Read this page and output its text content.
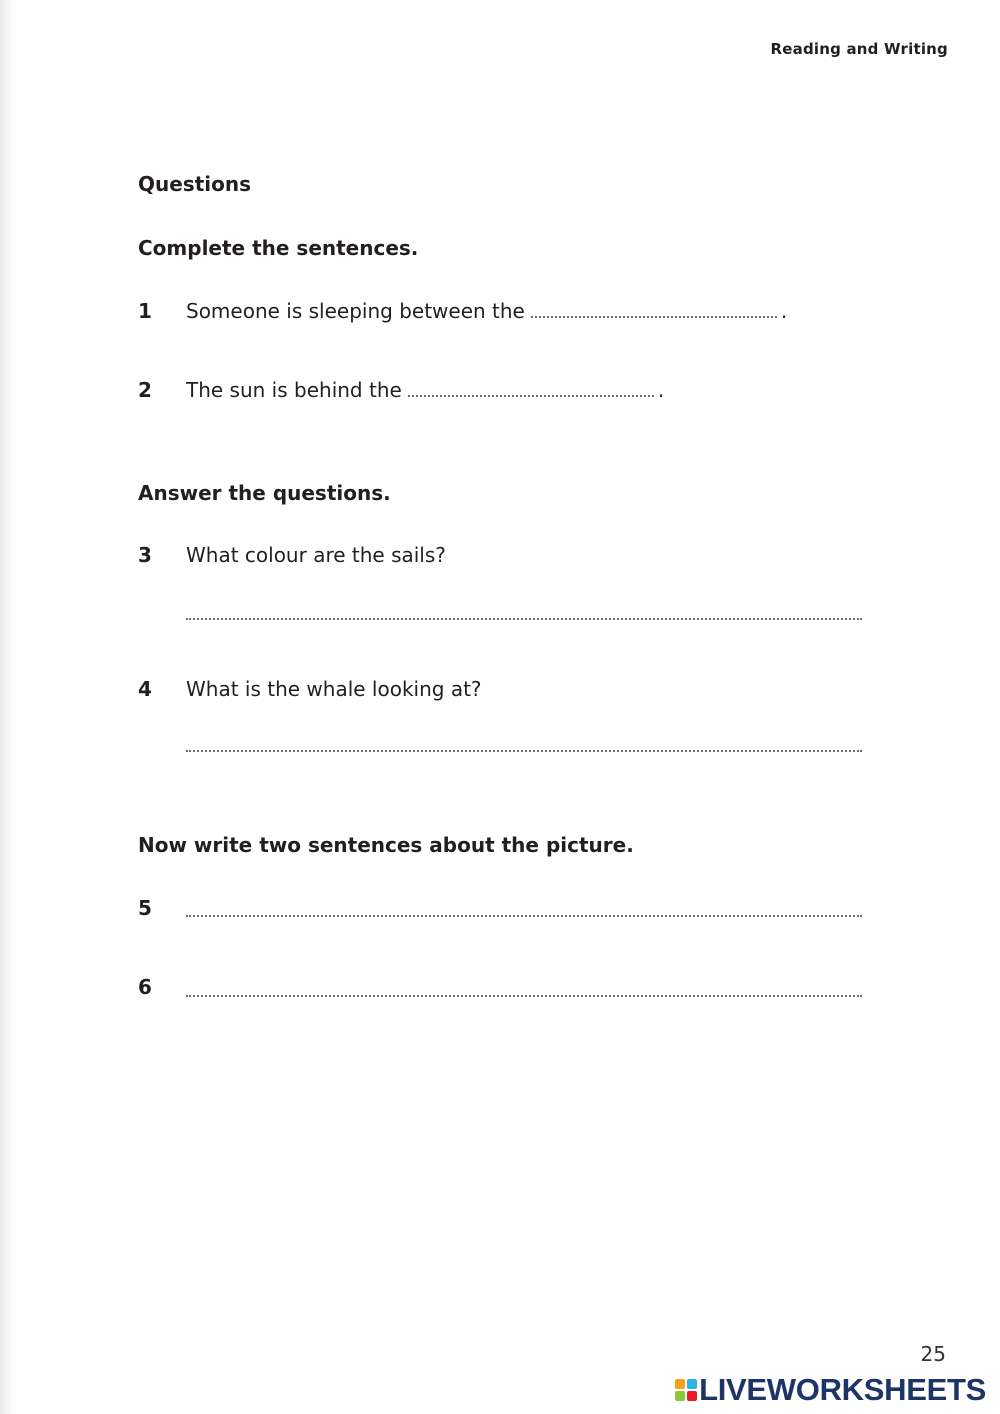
Reading and Writing
Questions
Complete the sentences.
1 Someone is sleeping between the	.
2 The sun is behind the	.
Answer the questions.
3 What colour are the sails?
4 What is the whale looking at?
Now write two sentences about the picture.
5
6
25
LIVEWORKSHEETS
